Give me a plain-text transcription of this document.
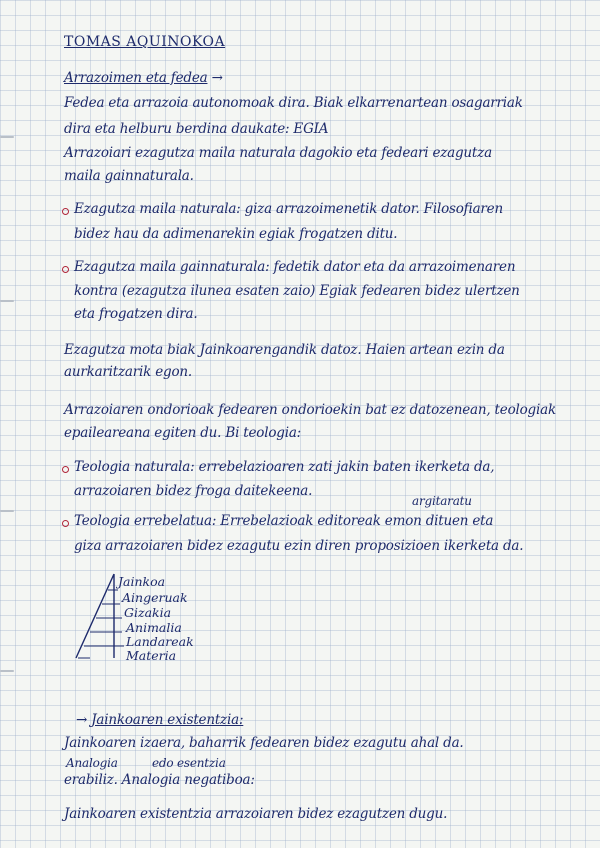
TOMAS AQUINOKOA
Arrazoimen eta fedea →
Fedea eta arrazoia autonomoak dira. Biak elkarrenartean osagarriak
dira eta helburu berdina daukate: EGIA
Arrazoiari ezagutza maila naturala dagokio eta fedeari ezagutza
maila gainnaturala.
Ezagutza maila naturala: giza arrazoimenetik dator. Filosofiaren
bidez hau da adimenarekin egiak frogatzen ditu.
Ezagutza maila gainnaturala: fedetik dator eta da arrazoimenaren
kontra (ezagutza ilunea esaten zaio) Egiak fedearen bidez ulertzen
eta frogatzen dira.
Ezagutza mota biak Jainkoarengandik datoz. Haien artean ezin da
aurkaritzarik egon.
Arrazoiaren ondorioak fedearen ondorioekin bat ez datozenean, teologiak
epaileareana egiten du. Bi teologia:
Teologia naturala: errebelazioaren zati jakin baten ikerketa da,
arrazoiaren bidez froga daitekeena.
argitaratu
Teologia errebelatua: Errebelazioak editoreak emon dituen eta
giza arrazoiaren bidez ezagutu ezin diren proposizioen ikerketa da.
Jainkoa
Aingeruak
Gizakia
Animalia
Landareak
Materia
→ Jainkoaren existentzia:
Jainkoaren izaera, baharrik fedearen bidez ezagutu ahal da.
Analogia	edo esentzia
erabiliz. Analogia negatiboa:
Jainkoaren existentzia arrazoiaren bidez ezagutzen dugu.
